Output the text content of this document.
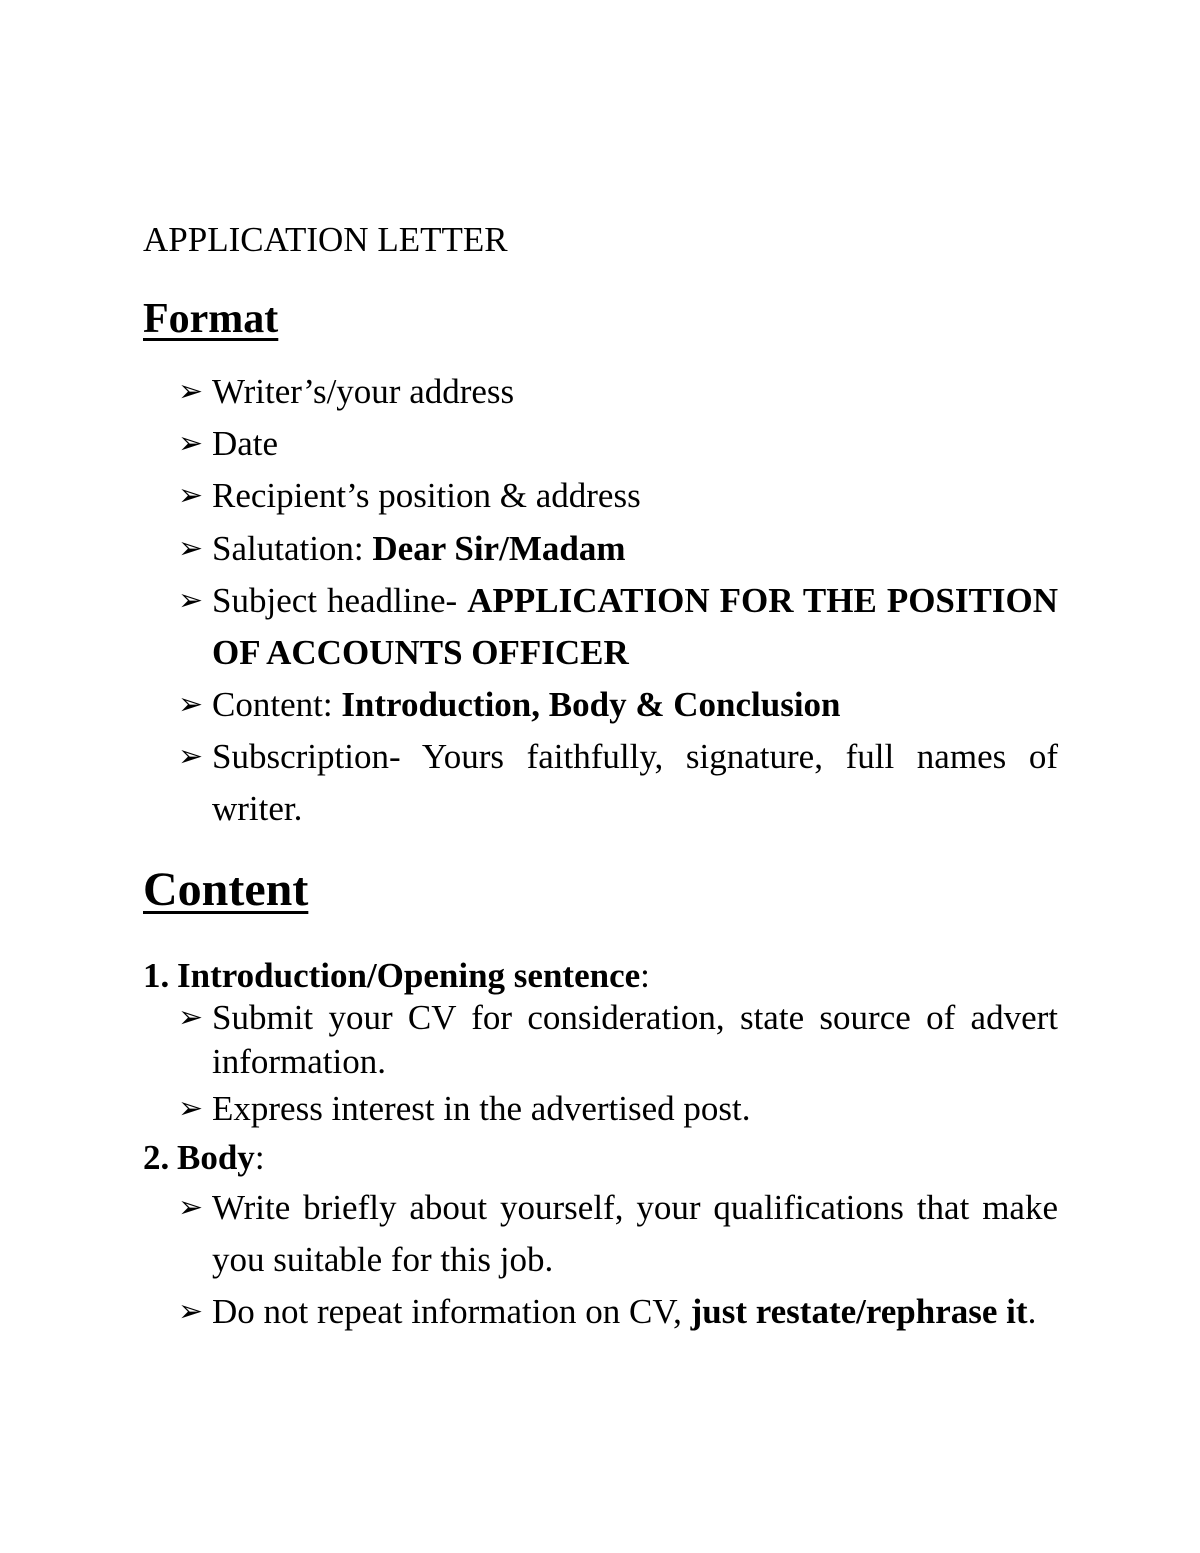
APPLICATION LETTER
Format
➢ Writer’s/your address
➢ Date
➢ Recipient’s position & address
➢ Salutation: Dear Sir/Madam
➢ Subject headline- APPLICATION FOR THE POSITION OF ACCOUNTS OFFICER
➢ Content: Introduction, Body & Conclusion
➢ Subscription- Yours faithfully, signature, full names of writer.
Content
1. Introduction/Opening sentence:
➢ Submit your CV for consideration, state source of advert information.
➢ Express interest in the advertised post.
2. Body:
➢ Write briefly about yourself, your qualifications that make you suitable for this job.
➢ Do not repeat information on CV, just restate/rephrase it.
